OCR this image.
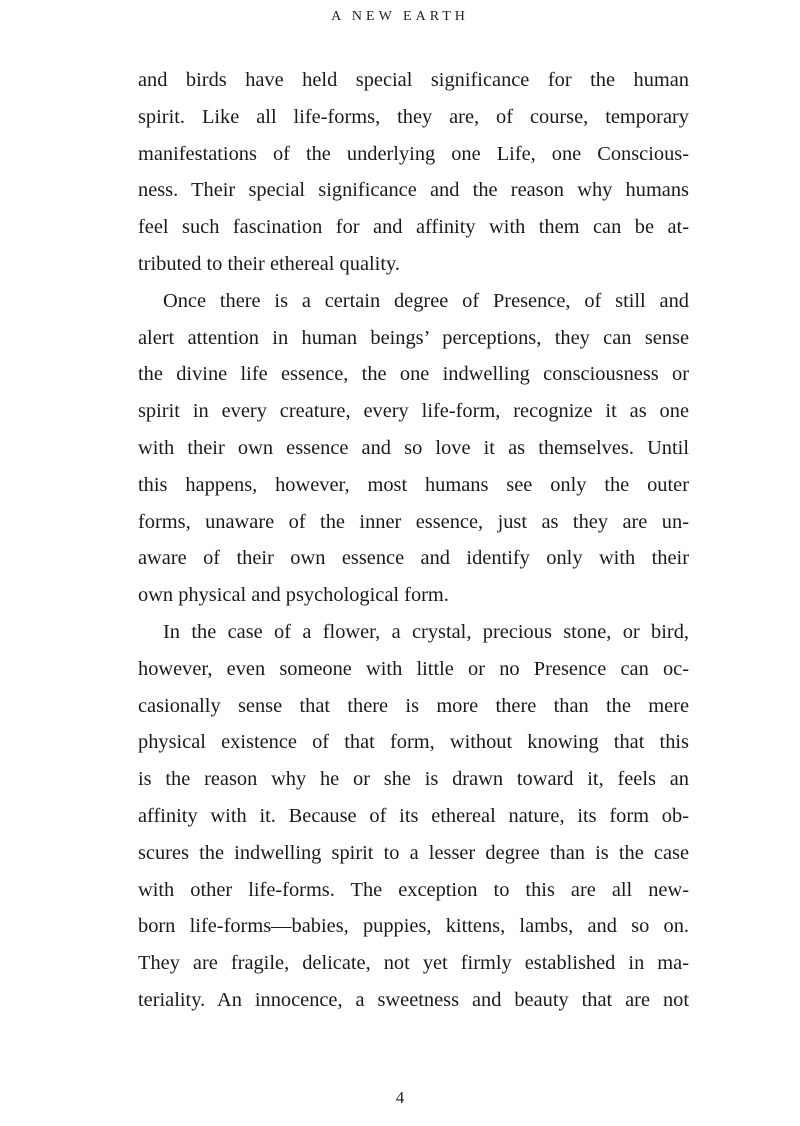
A NEW EARTH
and birds have held special significance for the human
spirit. Like all life-forms, they are, of course, temporary
manifestations of the underlying one Life, one Conscious-
ness. Their special significance and the reason why humans
feel such fascination for and affinity with them can be at-
tributed to their ethereal quality.
Once there is a certain degree of Presence, of still and
alert attention in human beings’ perceptions, they can sense
the divine life essence, the one indwelling consciousness or
spirit in every creature, every life-form, recognize it as one
with their own essence and so love it as themselves. Until
this happens, however, most humans see only the outer
forms, unaware of the inner essence, just as they are un-
aware of their own essence and identify only with their
own physical and psychological form.
In the case of a flower, a crystal, precious stone, or bird,
however, even someone with little or no Presence can oc-
casionally sense that there is more there than the mere
physical existence of that form, without knowing that this
is the reason why he or she is drawn toward it, feels an
affinity with it. Because of its ethereal nature, its form ob-
scures the indwelling spirit to a lesser degree than is the case
with other life-forms. The exception to this are all new-
born life-forms—babies, puppies, kittens, lambs, and so on.
They are fragile, delicate, not yet firmly established in ma-
teriality. An innocence, a sweetness and beauty that are not
4
